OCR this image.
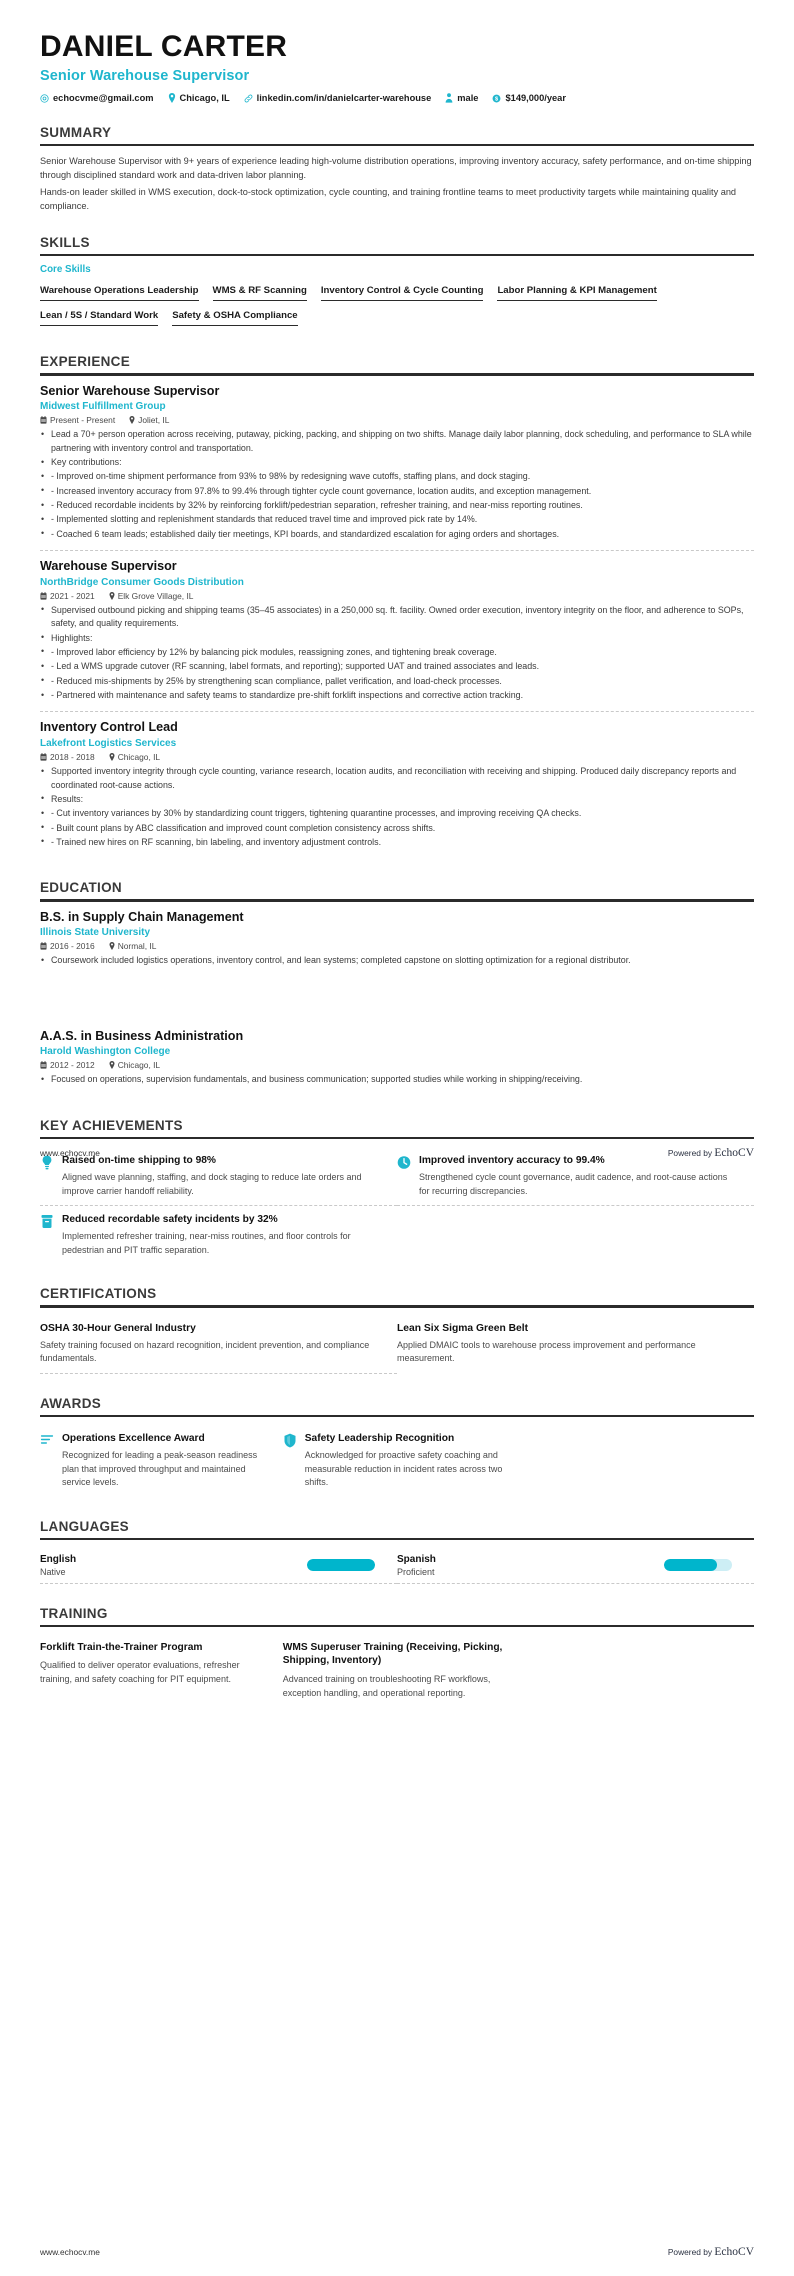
DANIEL CARTER
Senior Warehouse Supervisor
echocvme@gmail.com	Chicago, IL	linkedin.com/in/danielcarter-warehouse	male $ $149,000/year
SUMMARY

Senior Warehouse Supervisor with 9+ years of experience leading high-volume distribution operations, improving inventory accuracy, safety performance, and on-time shipping through disciplined standard work and data-driven labor planning.

Hands-on leader skilled in WMS execution, dock-to-stock optimization, cycle counting, and training frontline teams to meet productivity targets while maintaining quality and compliance.

SKILLS
Core Skills
Warehouse Operations Leadership WMS & RF Scanning Inventory Control & Cycle Counting Labor Planning & KPI Management
Lean / 5S / Standard Work Safety & OSHA Compliance
EXPERIENCE
Senior Warehouse Supervisor
Midwest Fulfillment Group
Present - Present	Joliet, IL
• Lead a 70+ person operation across receiving, putaway, picking, packing, and shipping on two shifts. Manage daily labor planning, dock scheduling, and performance to SLA while partnering with inventory control and transportation.
• Key contributions:
• - Improved on-time shipment performance from 93% to 98% by redesigning wave cutoffs, staffing plans, and dock staging.
• - Increased inventory accuracy from 97.8% to 99.4% through tighter cycle count governance, location audits, and exception management.
• - Reduced recordable incidents by 32% by reinforcing forklift/pedestrian separation, refresher training, and near-miss reporting routines.
• - Implemented slotting and replenishment standards that reduced travel time and improved pick rate by 14%.
• - Coached 6 team leads; established daily tier meetings, KPI boards, and standardized escalation for aging orders and shortages.
Warehouse Supervisor
NorthBridge Consumer Goods Distribution
2021 - 2021	Elk Grove Village, IL
• Supervised outbound picking and shipping teams (35–45 associates) in a 250,000 sq. ft. facility. Owned order execution, inventory integrity on the floor, and adherence to SOPs, safety, and quality requirements.
• Highlights:
• - Improved labor efficiency by 12% by balancing pick modules, reassigning zones, and tightening break coverage.
• - Led a WMS upgrade cutover (RF scanning, label formats, and reporting); supported UAT and trained associates and leads.
• - Reduced mis-shipments by 25% by strengthening scan compliance, pallet verification, and load-check processes.
• - Partnered with maintenance and safety teams to standardize pre-shift forklift inspections and corrective action tracking.
Inventory Control Lead
Lakefront Logistics Services
2018 - 2018	Chicago, IL
• Supported inventory integrity through cycle counting, variance research, location audits, and reconciliation with receiving and shipping. Produced daily discrepancy reports and coordinated root-cause actions.
• Results:
• - Cut inventory variances by 30% by standardizing count triggers, tightening quarantine processes, and improving receiving QA checks.
• - Built count plans by ABC classification and improved count completion consistency across shifts.
• - Trained new hires on RF scanning, bin labeling, and inventory adjustment controls.
EDUCATION
B.S. in Supply Chain Management
Illinois State University
2016 - 2016	Normal, IL
• Coursework included logistics operations, inventory control, and lean systems; completed capstone on slotting optimization for a regional distributor.
A.A.S. in Business Administration
Harold Washington College
2012 - 2012	Chicago, IL
• Focused on operations, supervision fundamentals, and business communication; supported studies while working in shipping/receiving.
KEY ACHIEVEMENTS
Raised on-time shipping to 98%
Aligned wave planning, staffing, and dock staging to reduce late orders and improve carrier handoff reliability.
Improved inventory accuracy to 99.4%
Strengthened cycle count governance, audit cadence, and root-cause actions for recurring discrepancies.
Reduced recordable safety incidents by 32%
Implemented refresher training, near-miss routines, and floor controls for pedestrian and PIT traffic separation.
CERTIFICATIONS
OSHA 30-Hour General Industry
Safety training focused on hazard recognition, incident prevention, and compliance fundamentals.
Lean Six Sigma Green Belt
Applied DMAIC tools to warehouse process improvement and performance measurement.
AWARDS
Operations Excellence Award
Recognized for leading a peak-season readiness plan that improved throughput and maintained service levels.
Safety Leadership Recognition
Acknowledged for proactive safety coaching and measurable reduction in incident rates across two shifts.
LANGUAGES
English
Native
Spanish
Proficient
TRAINING
Forklift Train-the-Trainer Program
Qualified to deliver operator evaluations, refresher training, and safety coaching for PIT equipment.
WMS Superuser Training (Receiving, Picking, Shipping, Inventory)
Advanced training on troubleshooting RF workflows, exception handling, and operational reporting.
www.echocv.me	Powered by EchoCV
www.echocv.me	Powered by EchoCV
